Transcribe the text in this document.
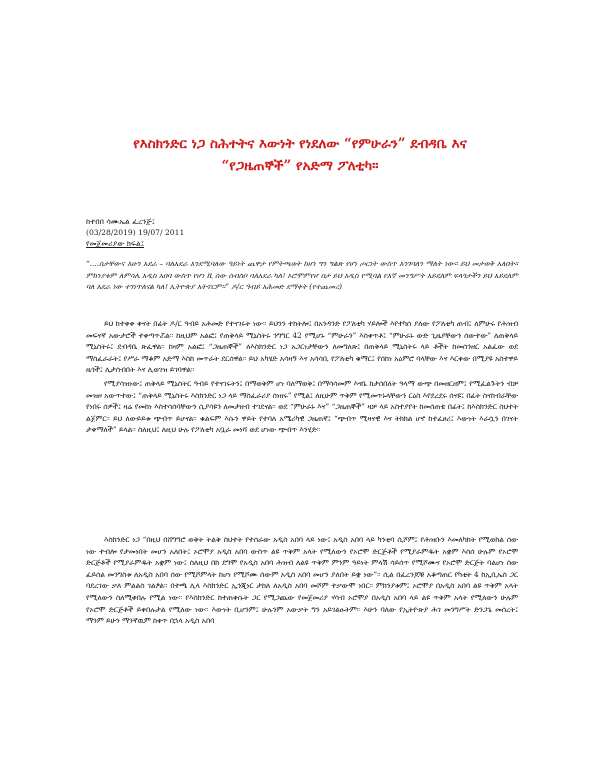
የእስክንድር ነጋ ስሕተትና እውነት የነደለው “የምሁራን” ደብዳቤ እና “የጋዜጠኞች” የአድማ ፖለቲካ፡፡
ከተበበ ሳሙኤል ፈረንጅ፤
(03/28/2019) 19/07/ 2011
የመጀመሪያው ክፍል፤
“....ሰታቸውና እሁን አደራ – ባለአደራ እንደሚባለው ዓይነት ጨዋታ የምትጫወት ከሆነ ግን ግልጽ የሆነ ጦርነት ውስጥ እንገባለን ማለት ነው፡፡ ይህ መታወቅ አለበት፡፡ ምክንያቱም ለምሳሌ አዲስ አበባ ውስጥ የሆነ ሺ ሰው ሰብስቦ ባለአደራ ካለ፤ ኦሮሞምየሆ በታ ይህ አዲስ የሚባል የእኛ መንግሥት አይደለም ፍላጎታችን ይህ አይደለም ባለ አደራ ነው ተገነጥለናል ካለ፤ ኢትዮጵያ አትኖርም፡፡” ዶ/ር ዓብይ አሕመድ ደማቀት (የተጨመረ)

ይህ ከተቀቀ ቀናት በፊት ዶ/ር ዓብይ አሕመድ የተናገሩት ነው፡፡ ይህንን ተከትሎ፤ በአንዳንድ የፖለቲካ ሃይሎች እየተካሰ ያለው የፖለቲካ ጠብ፤ ለምሁሩ የሕዝብ መፍናኛ አውታሮች ተቀጣጥሯል፡፡ ከዚህም አልፎ፤ የጠቅላይ ሚኒስትሩ ንግግር 42 የሚሆኑ “ምሁራን” እስቀጥቶ፤ “ምሁራኑ ውድ ጊዜያቸውን ሰውተው” ለጠቅላይ ሚኒስትሩ፤ ደብዳቤ ጽፈዋል፡፡ ከዛም አልፎ፤ “ጋዜጠኞች” ለእስክንድር ነጋ አጋርነታቸውን ለመግለጽ፤ በጠቅላይ ሚኒስትሩ ላይ ቶችት ከመሰንዘር አልፈው ወደ ማስፈራራት፤ የሥራ ማቆም አድማ እስከ መጥራት ደርሰዋል፡፡ ይህ አካሄድ አሳዛኝ እና አሳሳቢ የፖለቲካ ቁማር፤ የሰከነ አዕምሮ ባላቸው እና እርቀው በሚያዩ አስተዋይ ዜጎች፤ ሊታሰብበት እና ሊወገዝ ይገባዋል፡፡

የሚያሳዝነው፤ ጠቅላይ ሚኒስትር ዓብይ የተናገሩትን፤ በማወቅም ሆነ ባለማወቅ፤ በማሳሳመም እናቤ ከታሰበለት ዓላማ ውጭ በመዘርዘም፤ የሚፈልጉትን ብቻ መዝዞ አውጥተው፤ “ጠቅላይ ሚኒስትሩ እስክንድር ነጋ ላይ ማስፈራሪያ ሰነዘሩ” የሚል፤ ለዚሁም ጥቅም የሚመጥኑላቸውን ርዕስ እየደረደሩ ሰናዩ፤ በፊት ስናከብራቸው የነበሩ ሰዎች፤ ዛሬ የመከነ እስተሳሰባቸውን ሲያሳዩን ለመታዘብ ተገደናል፡፡ ወደ “ምሁራኑ እና” “ጋዜጠኞች” ዛቻ ላይ አስተያየት ከመሰጠቴ በፊት፤ ከእስክንድር ስህተት ልጀምር፡፡ ይህ ለውይይቱ ጭብጥ ይሆናል፡፡ ቁልፍም እሱን ዋይት የተባለ አሜሪካዊ ጋዜጠኛ፤ “ጭብጥ ሚዛናዊ እና ትክክል ሆኖ ከተፈፀሪ፤ እውነት እራሷን በገናት ታቀማለች” ይላል፡፡ ስለዚህ፤ ለዚህ ሁሉ የፖለቲካ አቧራ መነሻ ወደ ሆነው ጭብጥ እንሂድ፡፡

እስክንድር ነጋ “በዚህ በሸግግሮ ወቅት ትልቅ ስህተት የተሰራው አዲስ አበባ ላይ ነው፤ አዲስ አበባ ላይ ካንቲባ ሲሾም፤ የሕዝቡን እመለካከት የሚወክል ሰው ነው ተብሎ የታመነበት መሆን አለበት፤ ኦሮሞያ አዲስ አበባ ውስጥ ልዩ ጥቅም አላት የሚለውን የኦሮሞ ድርጅቶች የሚያራምዱት አቋም እስሰ ሁሉም የኦሮሞ ድርጅቶች የሚያራምዱት አቋም ነው፤ ስለዚህ በክ ደግሞ የአዲስ አበባ ሕዝብ ለልዩ ጥቅም ምንም ዓይነት ምላሽ ሳይሰጥ የሚሾሙና የኦሮሞ ድርጅት ባልሆነ ሰው ፈይሰል መንግስቱ ለአዲስ አበባ ሰው የሚሾምላት ከሆነ የሚሾሙ ሰውም አዲስ አበባ መሆን ያለበት ይቋ ነው”፡፡ ሲል በፈረንጆቹ አቆጣጠር የካቲት 4 ከኢቢኤስ ጋር ባደረገው ቃለ ምልልስ ገልፆል፡፡ በተጫ ሊላ እስክንድር ኢንጂነር ታከለ ለአዲስ አበባ መሾም ተቃውሞ ነበር፡፡ ምክንያቱም፤ ኦሮሞያ በአዲስ አበባ ልዩ ጥቅም አላት የሚለውን ስለሚቀበሉ የሚል ነው፡፡ የእስክንድር ከተጠቀሱት ጋር የሚጋጨው የመጀመሪያ ሃሳብ ኦሮሞያ በአዲስ አበባ ላይ ልዩ ጥቅም አላት የሚለውን ሁሉም የኦሮሞ ድርጅቶች ይቀበሉታል የሚለው ነው፡፡ እውነት ቢሆንም፤ ሁሉንም አውቃት ግን አይገልፁትም፡፡ እሁን ባለው የኢትዮጵያ ሕገ መንግሥት ድንጋጌ መሰረት፤ ማንም ይሁን ማንኛዉም ከቀጥ በኋላ አዲስ አበባ
